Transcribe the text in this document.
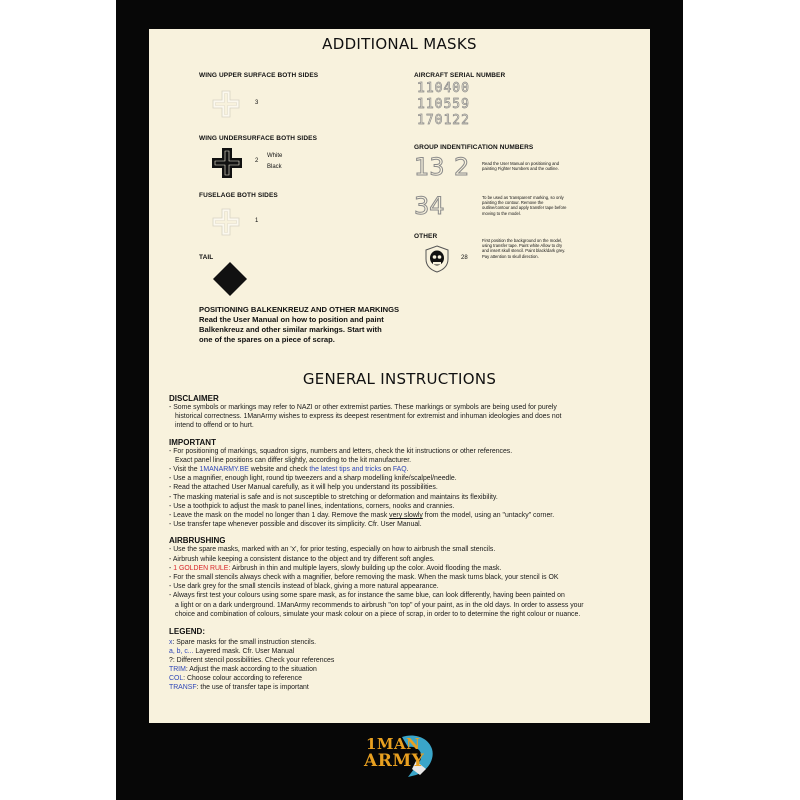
ADDITIONAL MASKS
WING UPPER SURFACE BOTH SIDES
3
WING UNDERSURFACE BOTH SIDES
2
White
Black
FUSELAGE BOTH SIDES
1
TAIL
POSITIONING BALKENKREUZ AND OTHER MARKINGS
Read the User Manual on how to position and paint
Balkenkreuz and other similar markings. Start with
one of the spares on a piece of scrap.
AIRCRAFT SERIAL NUMBER
110400
110559
170122
GROUP INDENTIFICATION NUMBERS
13 2	Read the User Manual on positioning and painting Fighter Numbers and the outline.
34	To be used as 'transparent' marking, so only painting the contour. Remove the outline/contour and apply transfer tape before moving to the model.
OTHER
28
First position the background on the model, using transfer tape. Paint white Allow to dry and insert skull stencil. Paint black/dark grey. Pay attention to skull direction.
GENERAL INSTRUCTIONS
DISCLAIMER
- Some symbols or markings may refer to NAZI or other extremist parties. These markings or symbols are being used for purely
historical correctness. 1ManArmy wishes to express its deepest resentment for extremist and inhuman ideologies and does not
intend to offend or to hurt.
IMPORTANT
- For positioning of markings, squadron signs, numbers and letters, check the kit instructions or other references.
Exact panel line positions can differ slightly, according to the kit manufacturer.
- Visit the 1MANARMY.BE website and check the latest tips and tricks on FAQ.
- Use a magnifier, enough light, round tip tweezers and a sharp modelling knife/scalpel/needle.
- Read the attached User Manual carefully, as it will help you understand its possibilities.
- The masking material is safe and is not susceptible to stretching or deformation and maintains its flexibility.
- Use a toothpick to adjust the mask to panel lines, indentations, corners, nooks and crannies.
- Leave the mask on the model no longer than 1 day. Remove the mask very slowly from the model, using an "untacky" corner.
- Use transfer tape whenever possible and discover its simplicity. Cfr. User Manual.
AIRBRUSHING
- Use the spare masks, marked with an 'x', for prior testing, especially on how to airbrush the small stencils.
- Airbrush while keeping a consistent distance to the object and try different soft angles.
- 1 GOLDEN RULE: Airbrush in thin and multiple layers, slowly building up the color. Avoid flooding the mask.
- For the small stencils always check with a magnifier, before removing the mask. When the mask turns black, your stencil is OK
- Use dark grey for the small stencils instead of black, giving a more natural appearance.
- Always first test your colours using some spare mask, as for instance the same blue, can look differently, having been painted on
a light or on a dark underground. 1ManArmy recommends to airbrush "on top" of your paint, as in the old days. In order to assess your
choice and combination of colours, simulate your mask colour on a piece of scrap, in order to to determine the right colour or nuance.
LEGEND:
x: Spare masks for the small instruction stencils.
a, b, c... Layered mask. Cfr. User Manual
?: Different stencil possibilities. Check your references
TRIM: Adjust the mask according to the situation
COL: Choose colour according to reference
TRANSF: the use of transfer tape is important
1MAN
ARMY
